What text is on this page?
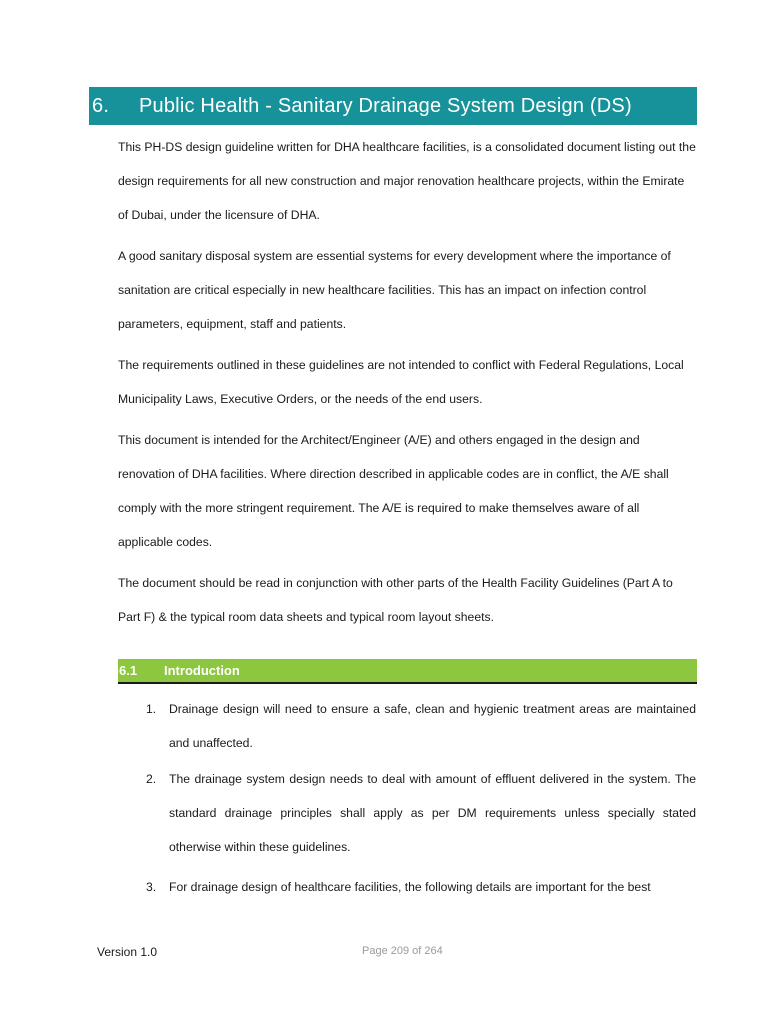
6.	Public Health - Sanitary Drainage System Design (DS)

This PH-DS design guideline written for DHA healthcare facilities, is a consolidated document listing out the design requirements for all new construction and major renovation healthcare projects, within the Emirate of Dubai, under the licensure of DHA.

A good sanitary disposal system are essential systems for every development where the importance of sanitation are critical especially in new healthcare facilities. This has an impact on infection control parameters, equipment, staff and patients.

The requirements outlined in these guidelines are not intended to conflict with Federal Regulations, Local Municipality Laws, Executive Orders, or the needs of the end users.

This document is intended for the Architect/Engineer (A/E) and others engaged in the design and renovation of DHA facilities. Where direction described in applicable codes are in conflict, the A/E shall comply with the more stringent requirement. The A/E is required to make themselves aware of all applicable codes.

The document should be read in conjunction with other parts of the Health Facility Guidelines (Part A to Part F) & the typical room data sheets and typical room layout sheets.

6.1	Introduction
1.	Drainage design will need to ensure a safe, clean and hygienic treatment areas are maintained and unaffected.

2.	The drainage system design needs to deal with amount of effluent delivered in the system. The standard drainage principles shall apply as per DM requirements unless specially stated otherwise within these guidelines.

3.	For drainage design of healthcare facilities, the following details are important for the best

Version 1.0	Page 209 of 264
